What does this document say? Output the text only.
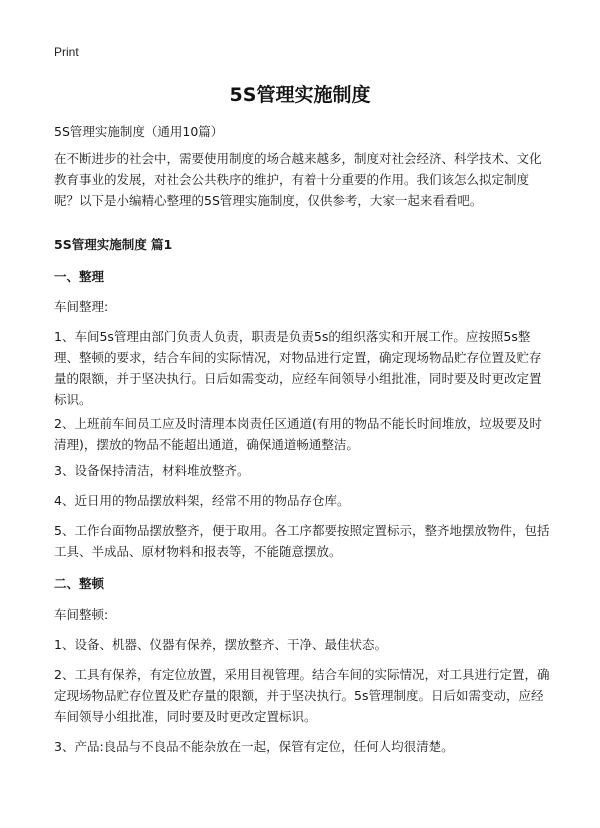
Print
5S管理实施制度
5S管理实施制度（通用10篇）
在不断进步的社会中，需要使用制度的场合越来越多，制度对社会经济、科学技术、文化教育事业的发展，对社会公共秩序的维护，有着十分重要的作用。我们该怎么拟定制度呢？以下是小编精心整理的5S管理实施制度，仅供参考，大家一起来看看吧。
5S管理实施制度 篇1
一、整理
车间整理:
1、车间5s管理由部门负责人负责，职责是负责5s的组织落实和开展工作。应按照5s整理、整顿的要求，结合车间的实际情况，对物品进行定置，确定现场物品贮存位置及贮存量的限额，并于坚决执行。日后如需变动，应经车间领导小组批准，同时要及时更改定置标识。
2、上班前车间员工应及时清理本岗责任区通道(有用的物品不能长时间堆放，垃圾要及时清理)，摆放的物品不能超出通道，确保通道畅通整洁。
3、设备保持清洁，材料堆放整齐。
4、近日用的物品摆放料架，经常不用的物品存仓库。
5、工作台面物品摆放整齐，便于取用。各工序都要按照定置标示，整齐地摆放物件，包括工具、半成品、原材物料和报表等，不能随意摆放。
二、整顿
车间整顿:
1、设备、机器、仪器有保养，摆放整齐、干净、最佳状态。
2、工具有保养，有定位放置，采用目视管理。结合车间的实际情况，对工具进行定置，确定现场物品贮存位置及贮存量的限额，并于坚决执行。5s管理制度。日后如需变动，应经车间领导小组批准，同时要及时更改定置标识。
3、产品:良品与不良品不能杂放在一起，保管有定位，任何人均很清楚。
